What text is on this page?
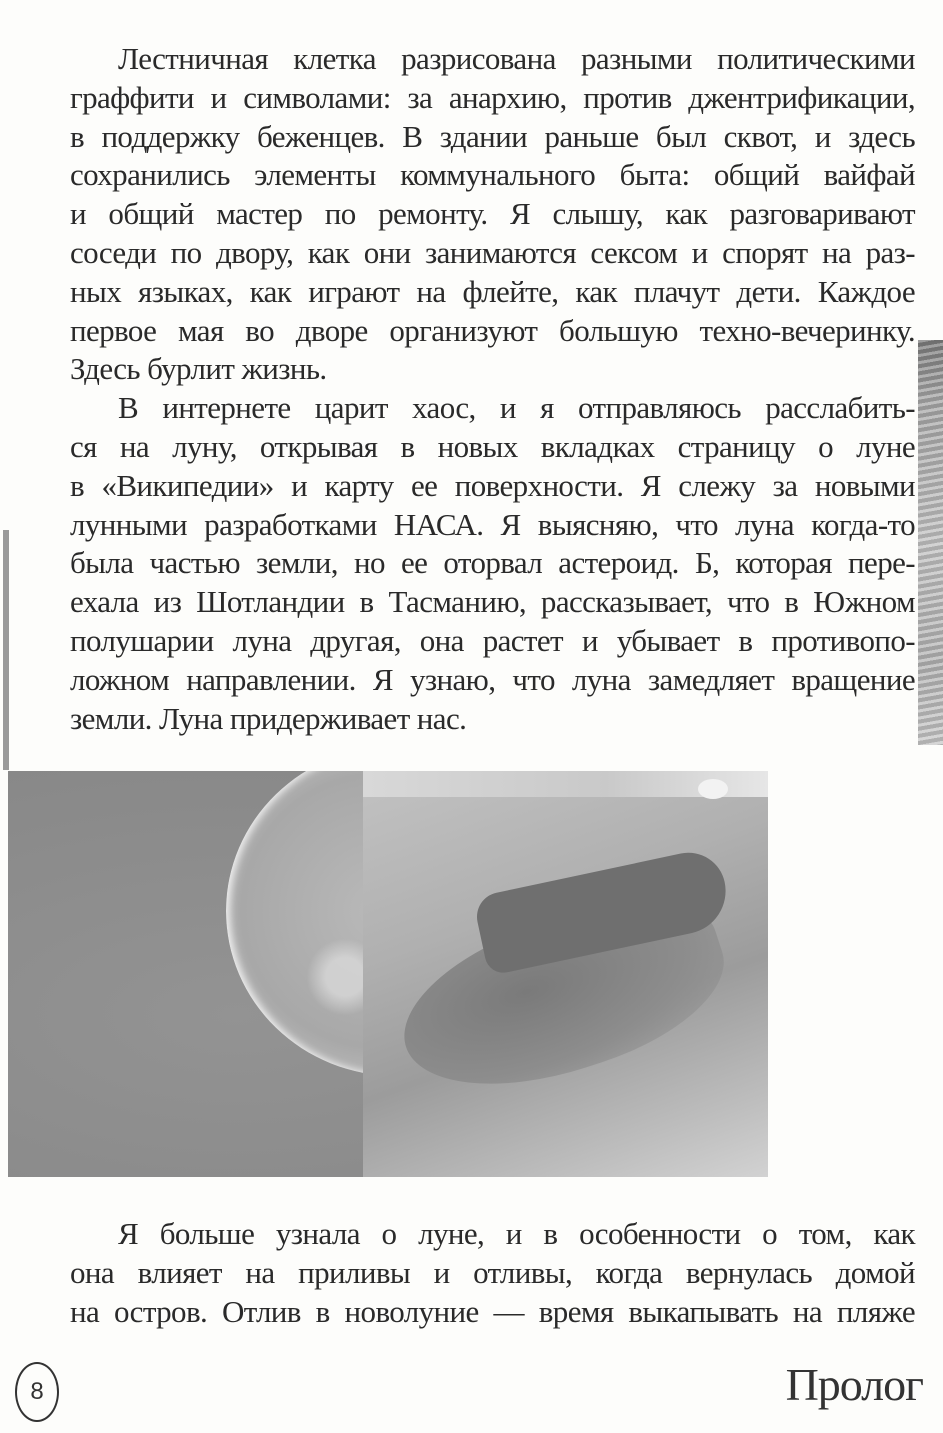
Лестничная клетка разрисована разными политическими
граффити и символами: за анархию, против джентрификации,
в поддержку беженцев. В здании раньше был сквот, и здесь
сохранились элементы коммунального быта: общий вайфай
и общий мастер по ремонту. Я слышу, как разговаривают
соседи по двору, как они занимаются сексом и спорят на раз-
ных языках, как играют на флейте, как плачут дети. Каждое
первое мая во дворе организуют большую техно-вечеринку.
Здесь бурлит жизнь.
В интернете царит хаос, и я отправляюсь расслабить-
ся на луну, открывая в новых вкладках страницу о луне
в «Википедии» и карту ее поверхности. Я слежу за новыми
лунными разработками НАСА. Я выясняю, что луна когда-то
была частью земли, но ее оторвал астероид. Б, которая пере-
ехала из Шотландии в Тасманию, рассказывает, что в Южном
полушарии луна другая, она растет и убывает в противопо-
ложном направлении. Я узнаю, что луна замедляет вращение
земли. Луна придерживает нас.
Я больше узнала о луне, и в особенности о том, как
она влияет на приливы и отливы, когда вернулась домой
на остров. Отлив в новолуние — время выкапывать на пляже
8	Пролог
